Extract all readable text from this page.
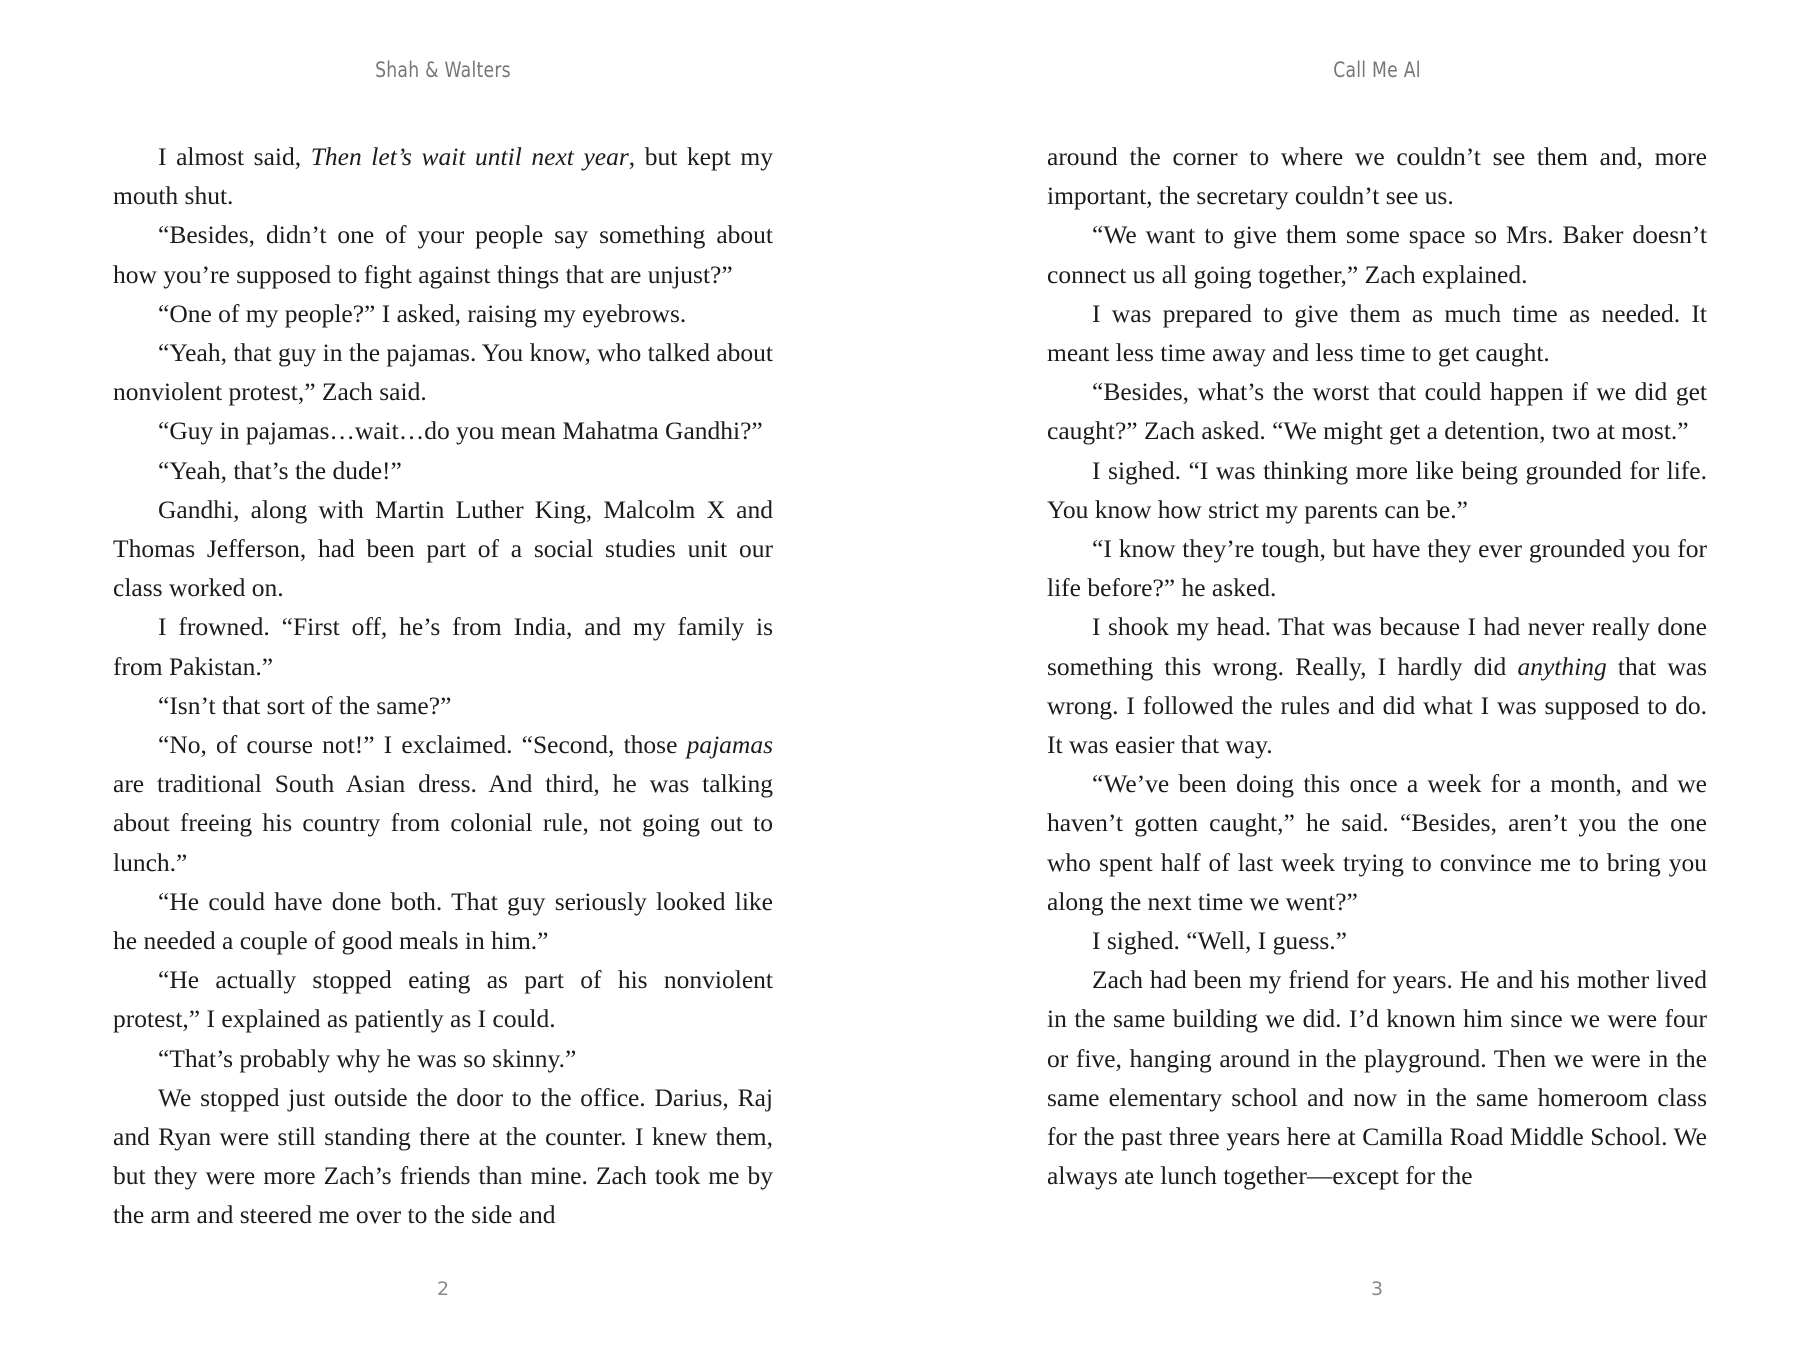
Shah & Walters

I almost said, Then let’s wait until next year, but kept my mouth shut.

“Besides, didn’t one of your people say something about how you’re supposed to fight against things that are unjust?”

“One of my people?” I asked, raising my eyebrows.

“Yeah, that guy in the pajamas. You know, who talked about nonviolent protest,” Zach said.

“Guy in pajamas…wait…do you mean Mahatma Gandhi?”

“Yeah, that’s the dude!”

Gandhi, along with Martin Luther King, Malcolm X and Thomas Jefferson, had been part of a social studies unit our class worked on.

I frowned. “First off, he’s from India, and my family is from Pakistan.”

“Isn’t that sort of the same?”

“No, of course not!” I exclaimed. “Second, those pajamas are traditional South Asian dress. And third, he was talking about freeing his country from colonial rule, not going out to lunch.”

“He could have done both. That guy seriously looked like he needed a couple of good meals in him.”

“He actually stopped eating as part of his nonviolent protest,” I explained as patiently as I could.

“That’s probably why he was so skinny.”

We stopped just outside the door to the office. Darius, Raj and Ryan were still standing there at the counter. I knew them, but they were more Zach’s friends than mine. Zach took me by the arm and steered me over to the side and

2
Call Me Al

around the corner to where we couldn’t see them and, more important, the secretary couldn’t see us.

“We want to give them some space so Mrs. Baker doesn’t connect us all going together,” Zach explained.

I was prepared to give them as much time as needed. It meant less time away and less time to get caught.

“Besides, what’s the worst that could happen if we did get caught?” Zach asked. “We might get a detention, two at most.”

I sighed. “I was thinking more like being grounded for life. You know how strict my parents can be.”

“I know they’re tough, but have they ever grounded you for life before?” he asked.

I shook my head. That was because I had never really done something this wrong. Really, I hardly did anything that was wrong. I followed the rules and did what I was supposed to do. It was easier that way.

“We’ve been doing this once a week for a month, and we haven’t gotten caught,” he said. “Besides, aren’t you the one who spent half of last week trying to convince me to bring you along the next time we went?”

I sighed. “Well, I guess.”

Zach had been my friend for years. He and his mother lived in the same building we did. I’d known him since we were four or five, hanging around in the playground. Then we were in the same elementary school and now in the same homeroom class for the past three years here at Camilla Road Middle School. We always ate lunch together—except for the

3
